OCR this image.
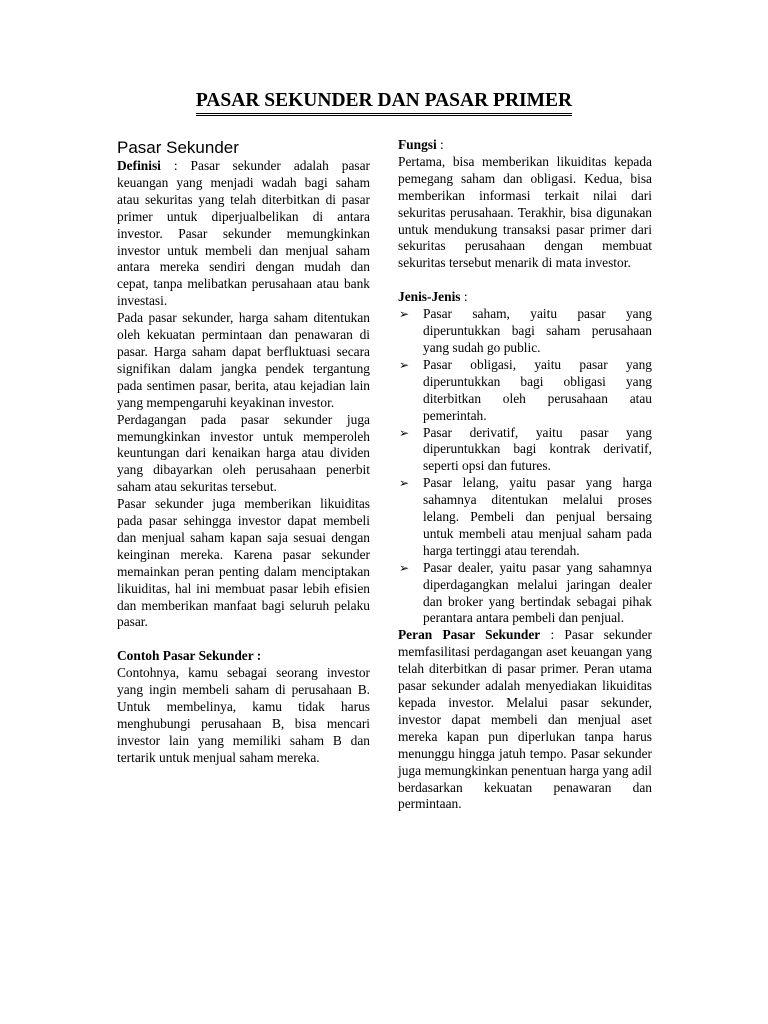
PASAR SEKUNDER DAN PASAR PRIMER
Pasar Sekunder

Definisi : Pasar sekunder adalah pasar keuangan yang menjadi wadah bagi saham atau sekuritas yang telah diterbitkan di pasar primer untuk diperjualbelikan di antara investor. Pasar sekunder memungkinkan investor untuk membeli dan menjual saham antara mereka sendiri dengan mudah dan cepat, tanpa melibatkan perusahaan atau bank investasi.

Pada pasar sekunder, harga saham ditentukan oleh kekuatan permintaan dan penawaran di pasar. Harga saham dapat berfluktuasi secara signifikan dalam jangka pendek tergantung pada sentimen pasar, berita, atau kejadian lain yang mempengaruhi keyakinan investor.

Perdagangan pada pasar sekunder juga memungkinkan investor untuk memperoleh keuntungan dari kenaikan harga atau dividen yang dibayarkan oleh perusahaan penerbit saham atau sekuritas tersebut.

Pasar sekunder juga memberikan likuiditas pada pasar sehingga investor dapat membeli dan menjual saham kapan saja sesuai dengan keinginan mereka. Karena pasar sekunder memainkan peran penting dalam menciptakan likuiditas, hal ini membuat pasar lebih efisien dan memberikan manfaat bagi seluruh pelaku pasar.

Contoh Pasar Sekunder :

Contohnya, kamu sebagai seorang investor yang ingin membeli saham di perusahaan B. Untuk membelinya, kamu tidak harus menghubungi perusahaan B, bisa mencari investor lain yang memiliki saham B dan tertarik untuk menjual saham mereka.

Fungsi :

Pertama, bisa memberikan likuiditas kepada pemegang saham dan obligasi. Kedua, bisa memberikan informasi terkait nilai dari sekuritas perusahaan. Terakhir, bisa digunakan untuk mendukung transaksi pasar primer dari sekuritas perusahaan dengan membuat sekuritas tersebut menarik di mata investor.

Jenis-Jenis :
➢ Pasar saham, yaitu pasar yang diperuntukkan bagi saham perusahaan yang sudah go public.
➢ Pasar obligasi, yaitu pasar yang diperuntukkan bagi obligasi yang diterbitkan oleh perusahaan atau pemerintah.
➢ Pasar derivatif, yaitu pasar yang diperuntukkan bagi kontrak derivatif, seperti opsi dan futures.
➢ Pasar lelang, yaitu pasar yang harga sahamnya ditentukan melalui proses lelang. Pembeli dan penjual bersaing untuk membeli atau menjual saham pada harga tertinggi atau terendah.
➢ Pasar dealer, yaitu pasar yang sahamnya diperdagangkan melalui jaringan dealer dan broker yang bertindak sebagai pihak perantara antara pembeli dan penjual.

Peran Pasar Sekunder : Pasar sekunder memfasilitasi perdagangan aset keuangan yang telah diterbitkan di pasar primer. Peran utama pasar sekunder adalah menyediakan likuiditas kepada investor. Melalui pasar sekunder, investor dapat membeli dan menjual aset mereka kapan pun diperlukan tanpa harus menunggu hingga jatuh tempo. Pasar sekunder juga memungkinkan penentuan harga yang adil berdasarkan kekuatan penawaran dan permintaan.
